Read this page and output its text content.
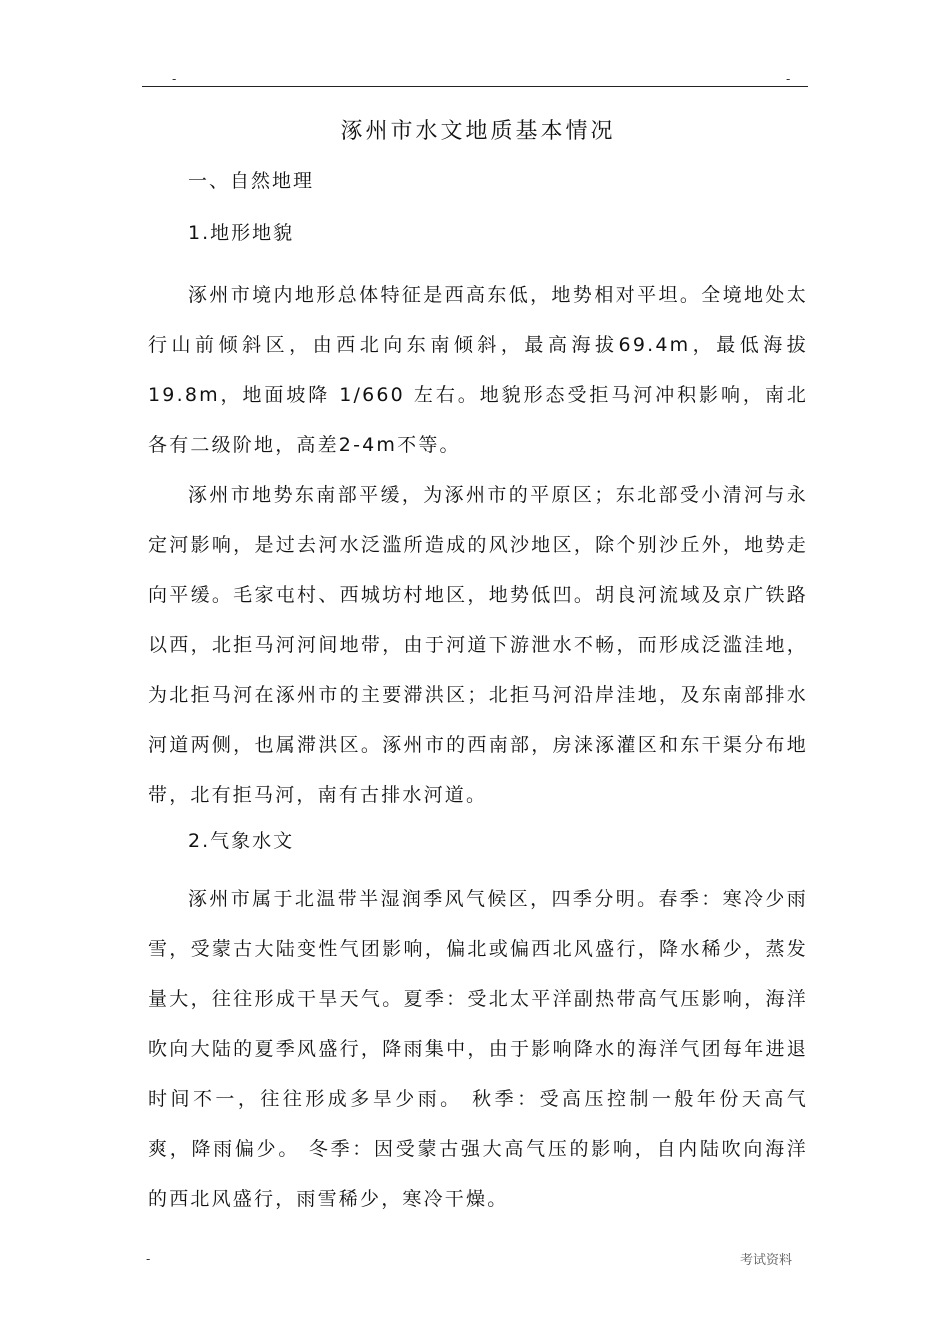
-	-
涿州市水文地质基本情况
一、自然地理
1.地形地貌

涿州市境内地形总体特征是西高东低，地势相对平坦。全境地处太行山前倾斜区，由西北向东南倾斜，最高海拔69.4m，最低海拔19.8m，地面坡降 1/660 左右。地貌形态受拒马河冲积影响，南北各有二级阶地，高差2-4m不等。

涿州市地势东南部平缓，为涿州市的平原区；东北部受小清河与永定河影响，是过去河水泛滥所造成的风沙地区，除个别沙丘外，地势走向平缓。毛家屯村、西城坊村地区，地势低凹。胡良河流域及京广铁路以西，北拒马河河间地带，由于河道下游泄水不畅，而形成泛滥洼地，为北拒马河在涿州市的主要滞洪区；北拒马河沿岸洼地，及东南部排水河道两侧，也属滞洪区。涿州市的西南部，房涞涿灌区和东干渠分布地带，北有拒马河，南有古排水河道。

2.气象水文

涿州市属于北温带半湿润季风气候区，四季分明。春季：寒冷少雨雪，受蒙古大陆变性气团影响，偏北或偏西北风盛行，降水稀少，蒸发量大，往往形成干旱天气。夏季：受北太平洋副热带高气压影响，海洋吹向大陆的夏季风盛行，降雨集中，由于影响降水的海洋气团每年进退时间不一，往往形成多旱少雨。 秋季：受高压控制一般年份天高气爽，降雨偏少。 冬季：因受蒙古强大高气压的影响，自内陆吹向海洋的西北风盛行，雨雪稀少，寒冷干燥。

-	考试资料
